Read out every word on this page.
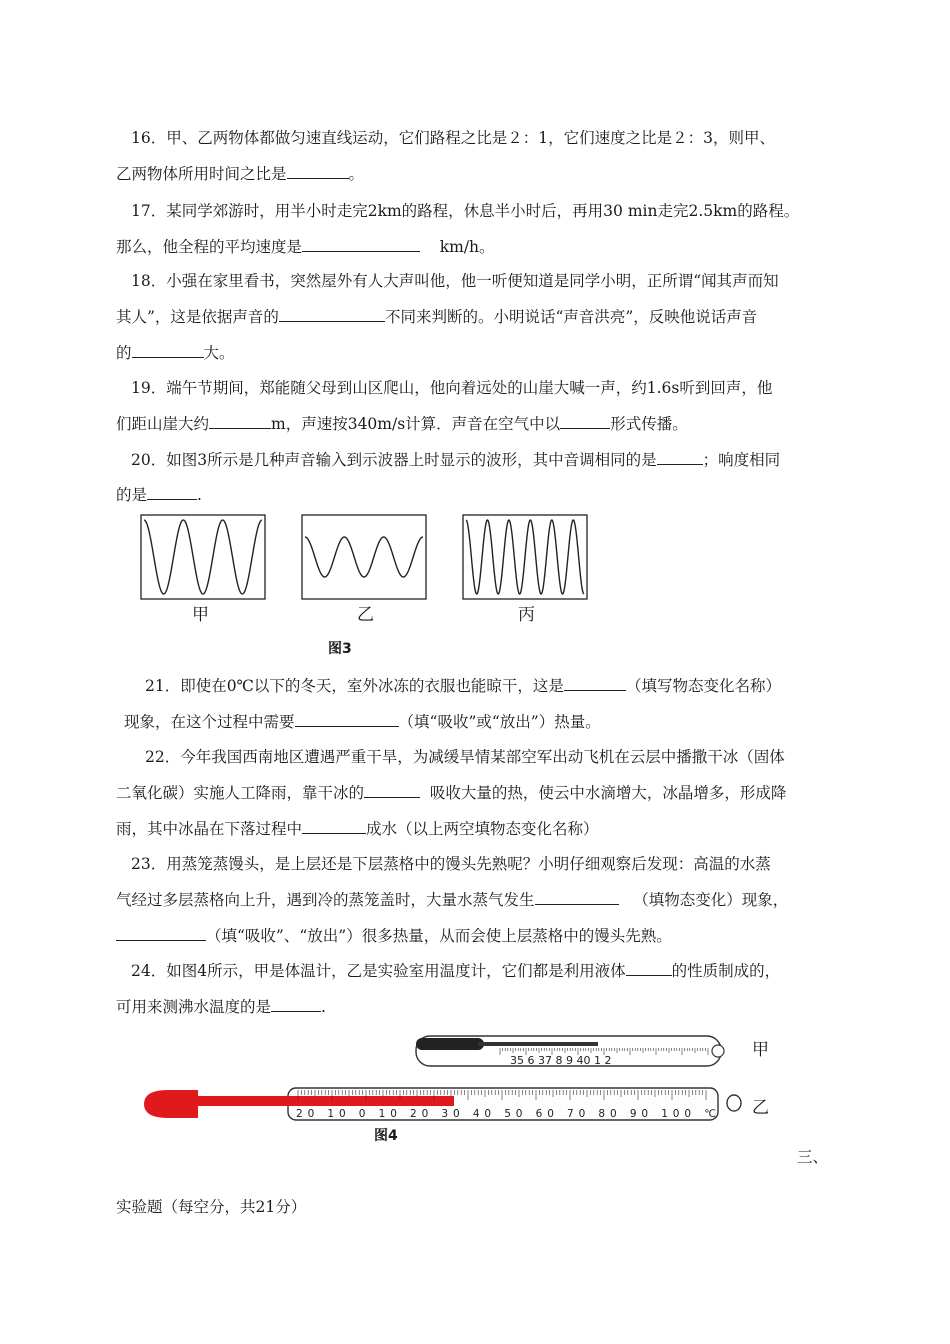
16．甲、乙两物体都做匀速直线运动，它们路程之比是２：1，它们速度之比是２：3，则甲、
乙两物体所用时间之比是	。
17．某同学郊游时，用半小时走完2km的路程，休息半小时后，再用30 min走完2.5km的路程。
那么，他全程的平均速度是	km/h。
18．小强在家里看书，突然屋外有人大声叫他，他一听便知道是同学小明，正所谓“闻其声而知
其人”，这是依据声音的	不同来判断的。小明说话“声音洪亮”，反映他说话声音
的	大。
19．端午节期间，郑能随父母到山区爬山，他向着远处的山崖大喊一声，约1.6s听到回声，他
们距山崖大约	m，声速按340m/s计算．声音在空气中以	形式传播。
20．如图3所示是几种声音输入到示波器上时显示的波形，其中音调相同的是	；响度相同
的是	.
甲	乙	丙
图3
21．即使在0℃以下的冬天，室外冰冻的衣服也能晾干，这是	（填写物态变化名称）
现象，在这个过程中需要	（填“吸收”或“放出”）热量。
22．今年我国西南地区遭遇严重干旱，为减缓旱情某部空军出动飞机在云层中播撒干冰（固体
二氧化碳）实施人工降雨，靠干冰的	吸收大量的热，使云中水滴增大，冰晶增多，形成降
雨，其中冰晶在下落过程中	成水（以上两空填物态变化名称）
23．用蒸笼蒸馒头，是上层还是下层蒸格中的馒头先熟呢？小明仔细观察后发现：高温的水蒸
气经过多层蒸格向上升，遇到冷的蒸笼盖时，大量水蒸气发生	（填物态变化）现象，
（填“吸收”、“放出”）很多热量，从而会使上层蒸格中的馒头先熟。
24．如图4所示，甲是体温计，乙是实验室用温度计，它们都是利用液体	的性质制成的，
可用来测沸水温度的是	.
35 6 37 8 9 40 1 2
20 10 0 10 20 30 40 50 60 70 80 90 100 ℃
甲
乙
图4
三、
实验题（每空分，共21分）
